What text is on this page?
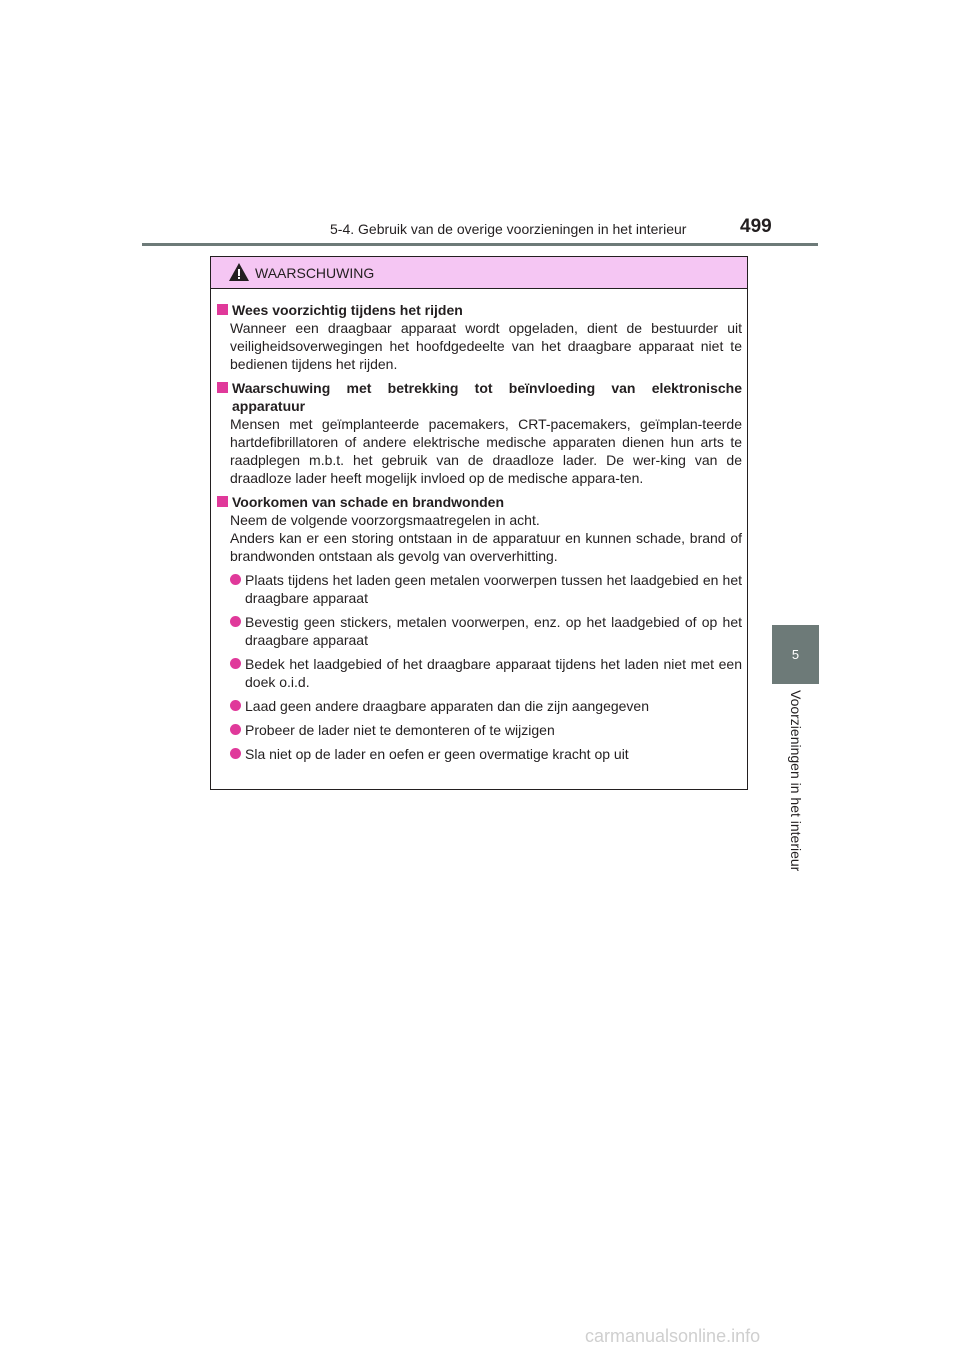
5-4. Gebruik van de overige voorzieningen in het interieur	499
5
Voorzieningen in het interieur
WAARSCHUWING
Wees voorzichtig tijdens het rijden
Wanneer een draagbaar apparaat wordt opgeladen, dient de bestuurder uit veiligheidsoverwegingen het hoofdgedeelte van het draagbare apparaat niet te bedienen tijdens het rijden.
Waarschuwing met betrekking tot beïnvloeding van elektronische apparatuur
Mensen met geïmplanteerde pacemakers, CRT-pacemakers, geïmplan-teerde hartdefibrillatoren of andere elektrische medische apparaten dienen hun arts te raadplegen m.b.t. het gebruik van de draadloze lader. De wer-king van de draadloze lader heeft mogelijk invloed op de medische appara-ten.
Voorkomen van schade en brandwonden
Neem de volgende voorzorgsmaatregelen in acht.
Anders kan er een storing ontstaan in de apparatuur en kunnen schade, brand of brandwonden ontstaan als gevolg van oververhitting.
Plaats tijdens het laden geen metalen voorwerpen tussen het laadgebied en het draagbare apparaat
Bevestig geen stickers, metalen voorwerpen, enz. op het laadgebied of op het draagbare apparaat
Bedek het laadgebied of het draagbare apparaat tijdens het laden niet met een doek o.i.d.
Laad geen andere draagbare apparaten dan die zijn aangegeven
Probeer de lader niet te demonteren of te wijzigen
Sla niet op de lader en oefen er geen overmatige kracht op uit
carmanualsonline.info
